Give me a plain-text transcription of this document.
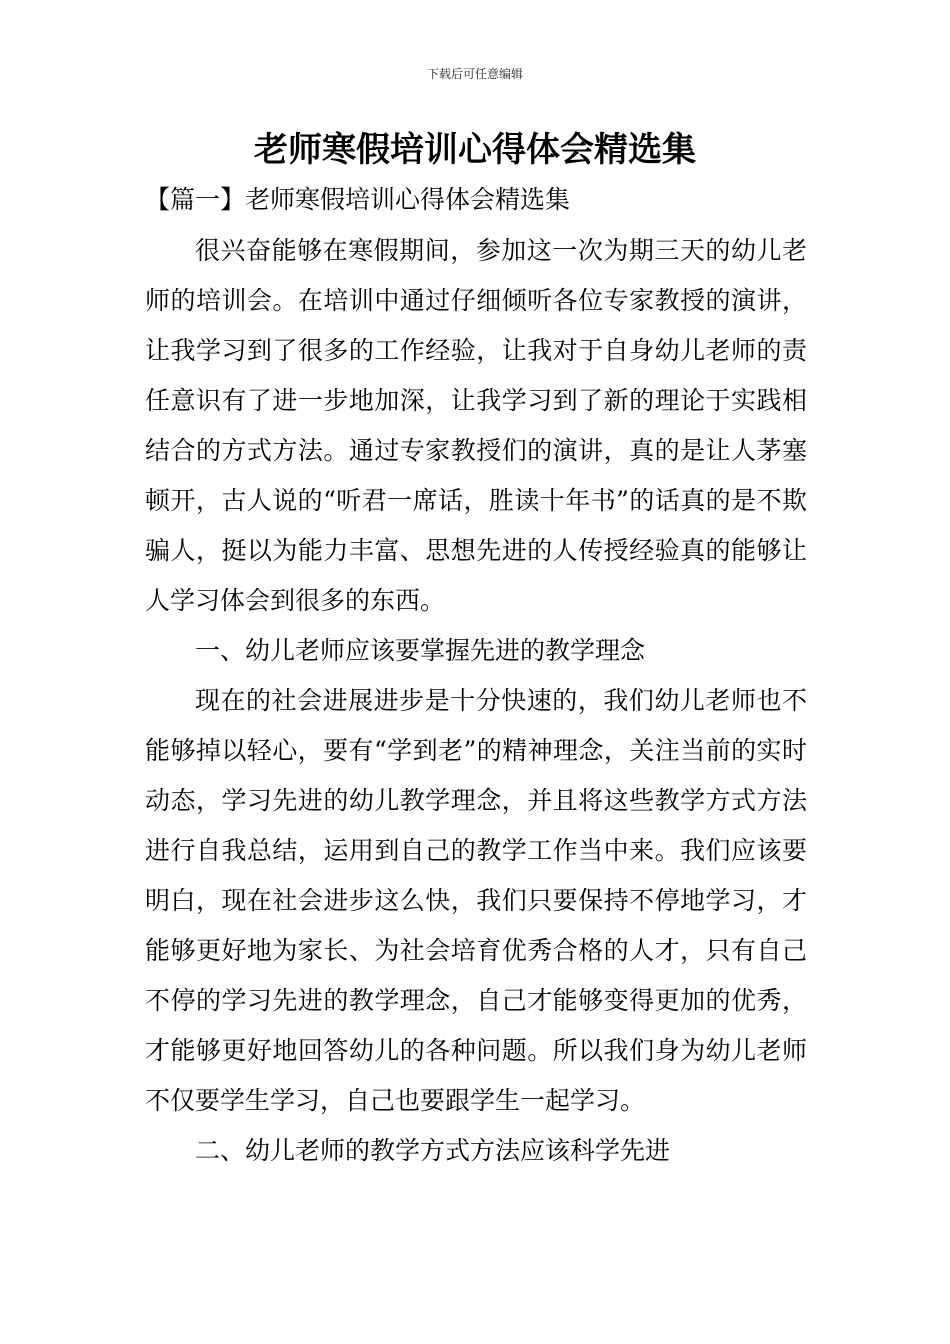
下载后可任意编辑
老师寒假培训心得体会精选集
【篇一】老师寒假培训心得体会精选集

很兴奋能够在寒假期间，参加这一次为期三天的幼儿老师的培训会。在培训中通过仔细倾听各位专家教授的演讲，让我学习到了很多的工作经验，让我对于自身幼儿老师的责任意识有了进一步地加深，让我学习到了新的理论于实践相结合的方式方法。通过专家教授们的演讲，真的是让人茅塞顿开，古人说的“听君一席话，胜读十年书”的话真的是不欺骗人，挺以为能力丰富、思想先进的人传授经验真的能够让人学习体会到很多的东西。

一、幼儿老师应该要掌握先进的教学理念

现在的社会进展进步是十分快速的，我们幼儿老师也不能够掉以轻心，要有“学到老”的精神理念，关注当前的实时动态，学习先进的幼儿教学理念，并且将这些教学方式方法进行自我总结，运用到自己的教学工作当中来。我们应该要明白，现在社会进步这么快，我们只要保持不停地学习，才能够更好地为家长、为社会培育优秀合格的人才，只有自己不停的学习先进的教学理念，自己才能够变得更加的优秀，才能够更好地回答幼儿的各种问题。所以我们身为幼儿老师不仅要学生学习，自己也要跟学生一起学习。

二、幼儿老师的教学方式方法应该科学先进
